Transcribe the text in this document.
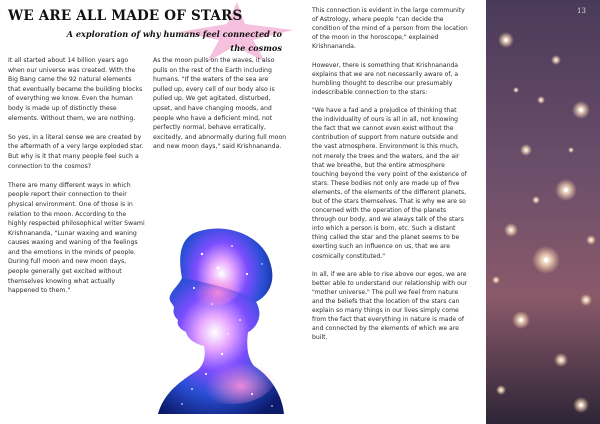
WE ARE ALL MADE OF STARS
A exploration of why humans feel connected to the cosmos

It all started about 14 billion years ago when our universe was created. With the Big Bang came the 92 natural elements that eventually became the building blocks of everything we know. Even the human body is made up of distinctly these elements. Without them, we are nothing.

So yes, in a literal sense we are created by the aftermath of a very large exploded star. But why is it that many people feel such a connection to the cosmos?

There are many different ways in which people report their connection to their physical environment. One of those is in relation to the moon. According to the highly respected philosophical writer Swami Krishnananda, "Lunar waxing and waning causes waxing and waning of the feelings and the emotions in the minds of people. During full moon and new moon days, people generally get excited without themselves knowing what actually happened to them."

As the moon pulls on the waves, it also pulls on the rest of the Earth including humans. "If the waters of the sea are pulled up, every cell of our body also is pulled up. We get agitated, disturbed, upset, and have changing moods, and people who have a deficient mind, not perfectly normal, behave erratically, excitedly, and abnormally during full moon and new moon days," said Krishnananda.

This connection is evident in the large community of Astrology, where people "can decide the condition of the mind of a person from the location of the moon in the horoscope," explained Krishnananda.

However, there is something that Krishnananda explains that we are not necessarily aware of, a humbling thought to describe our presumably indescribable connection to the stars:

"We have a fad and a prejudice of thinking that the individuality of ours is all in all, not knowing the fact that we cannot even exist without the contribution of support from nature outside and the vast atmosphere. Environment is this much, not merely the trees and the waters, and the air that we breathe, but the entire atmosphere touching beyond the very point of the existence of stars. These bodies not only are made up of five elements, of the elements of the different planets, but of the stars themselves. That is why we are so concerned with the operation of the planets through our body, and we always talk of the stars into which a person is born, etc. Such a distant thing called the star and the planet seems to be exerting such an influence on us, that we are cosmically constituted."

In all, if we are able to rise above our egos, we are better able to understand our relationship with our "mother universe." The pull we feel from nature and the beliefs that the location of the stars can explain so many things in our lives simply come from the fact that everything in nature is made of and connected by the elements of which we are built.

13
